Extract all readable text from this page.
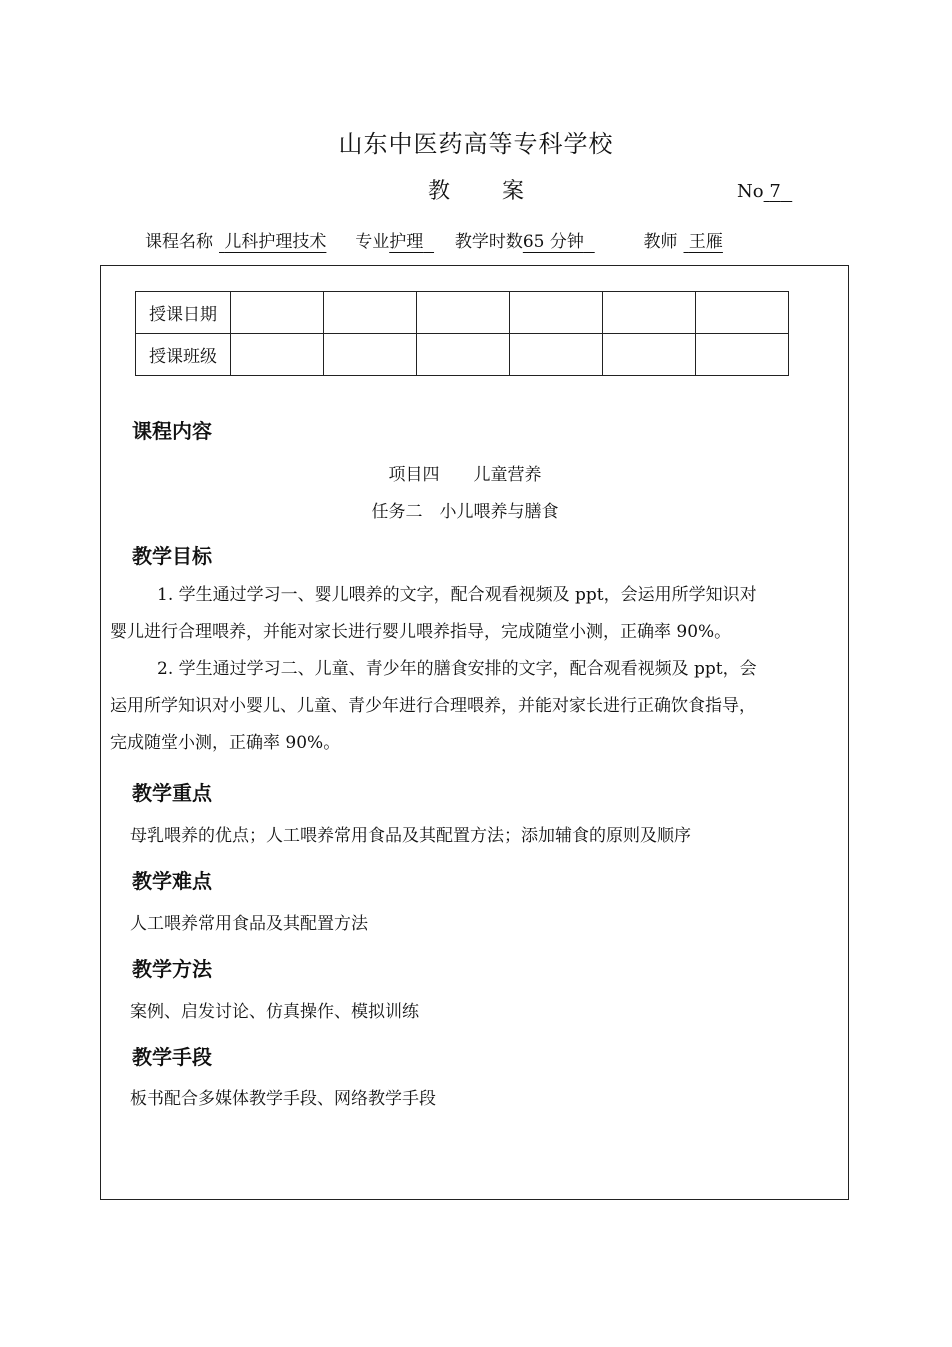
山东中医药高等专科学校
教 案	No 7
课程名称 儿科护理技术 专业护理 教学时数65 分钟	教师 王雁
授课日期						
授课班级						
课程内容
项目四　　儿童营养
任务二　小儿喂养与膳食
教学目标
1. 学生通过学习一、婴儿喂养的文字，配合观看视频及 ppt，会运用所学知识对
婴儿进行合理喂养，并能对家长进行婴儿喂养指导，完成随堂小测，正确率 90%。
2. 学生通过学习二、儿童、青少年的膳食安排的文字，配合观看视频及 ppt，会
运用所学知识对小婴儿、儿童、青少年进行合理喂养，并能对家长进行正确饮食指导，
完成随堂小测，正确率 90%。
教学重点
母乳喂养的优点；人工喂养常用食品及其配置方法；添加辅食的原则及顺序
教学难点
人工喂养常用食品及其配置方法
教学方法
案例、启发讨论、仿真操作、模拟训练
教学手段
板书配合多媒体教学手段、网络教学手段
